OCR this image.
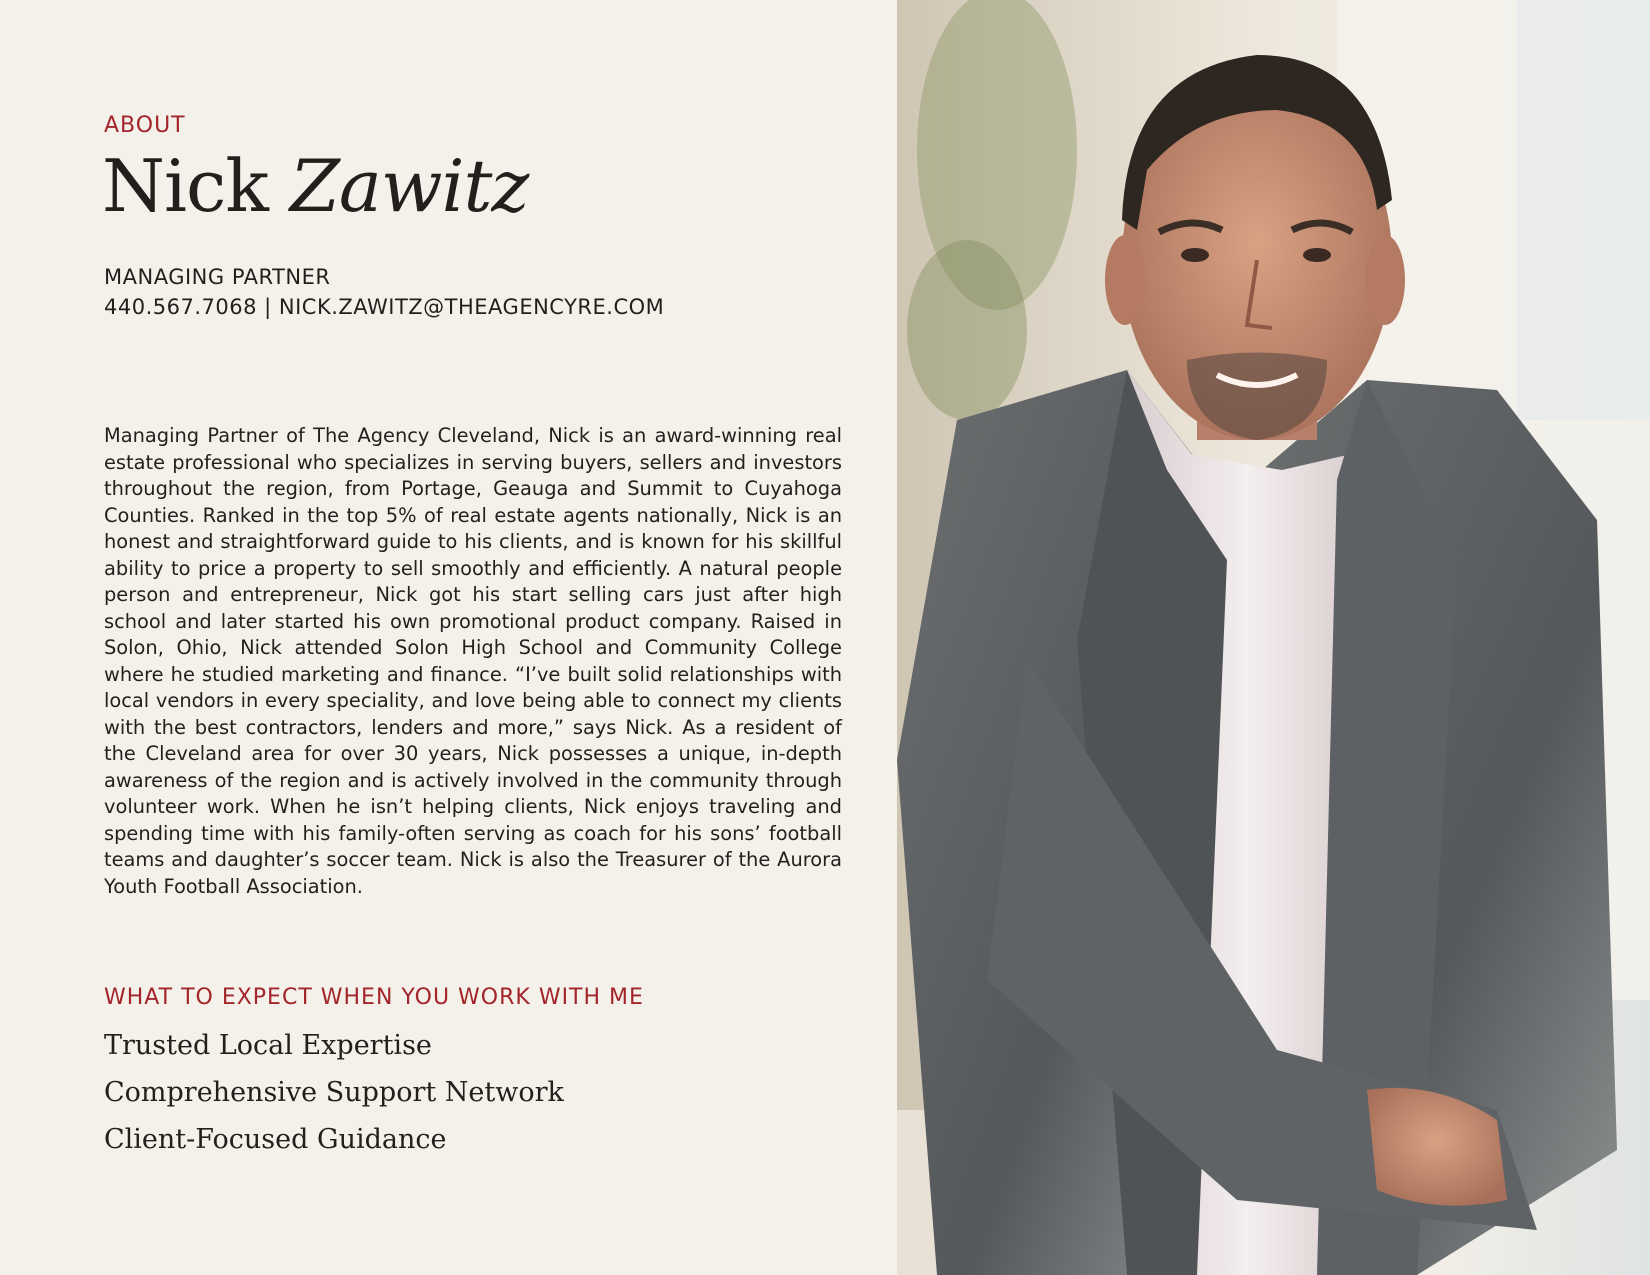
ABOUT

Nick Zawitz
MANAGING PARTNER
440.567.7068 | NICK.ZAWITZ@THEAGENCYRE.COM

Managing Partner of The Agency Cleveland, Nick is an award-winning real estate professional who specializes in serving buyers, sellers and investors throughout the region, from Portage, Geauga and Summit to Cuyahoga Counties. Ranked in the top 5% of real estate agents nationally, Nick is an honest and straightforward guide to his clients, and is known for his skillful ability to price a property to sell smoothly and efficiently. A natural people person and entrepreneur, Nick got his start selling cars just after high school and later started his own promotional product company. Raised in Solon, Ohio, Nick attended Solon High School and Community College where he studied marketing and finance. “I’ve built solid relationships with local vendors in every speciality, and love being able to connect my clients with the best contractors, lenders and more,” says Nick. As a resident of the Cleveland area for over 30 years, Nick possesses a unique, in-depth awareness of the region and is actively involved in the community through volunteer work. When he isn’t helping clients, Nick enjoys traveling and spending time with his family-often serving as coach for his sons’ football teams and daughter’s soccer team. Nick is also the Treasurer of the Aurora Youth Football Association.

WHAT TO EXPECT WHEN YOU WORK WITH ME

Trusted Local Expertise
Comprehensive Support Network
Client-Focused Guidance
